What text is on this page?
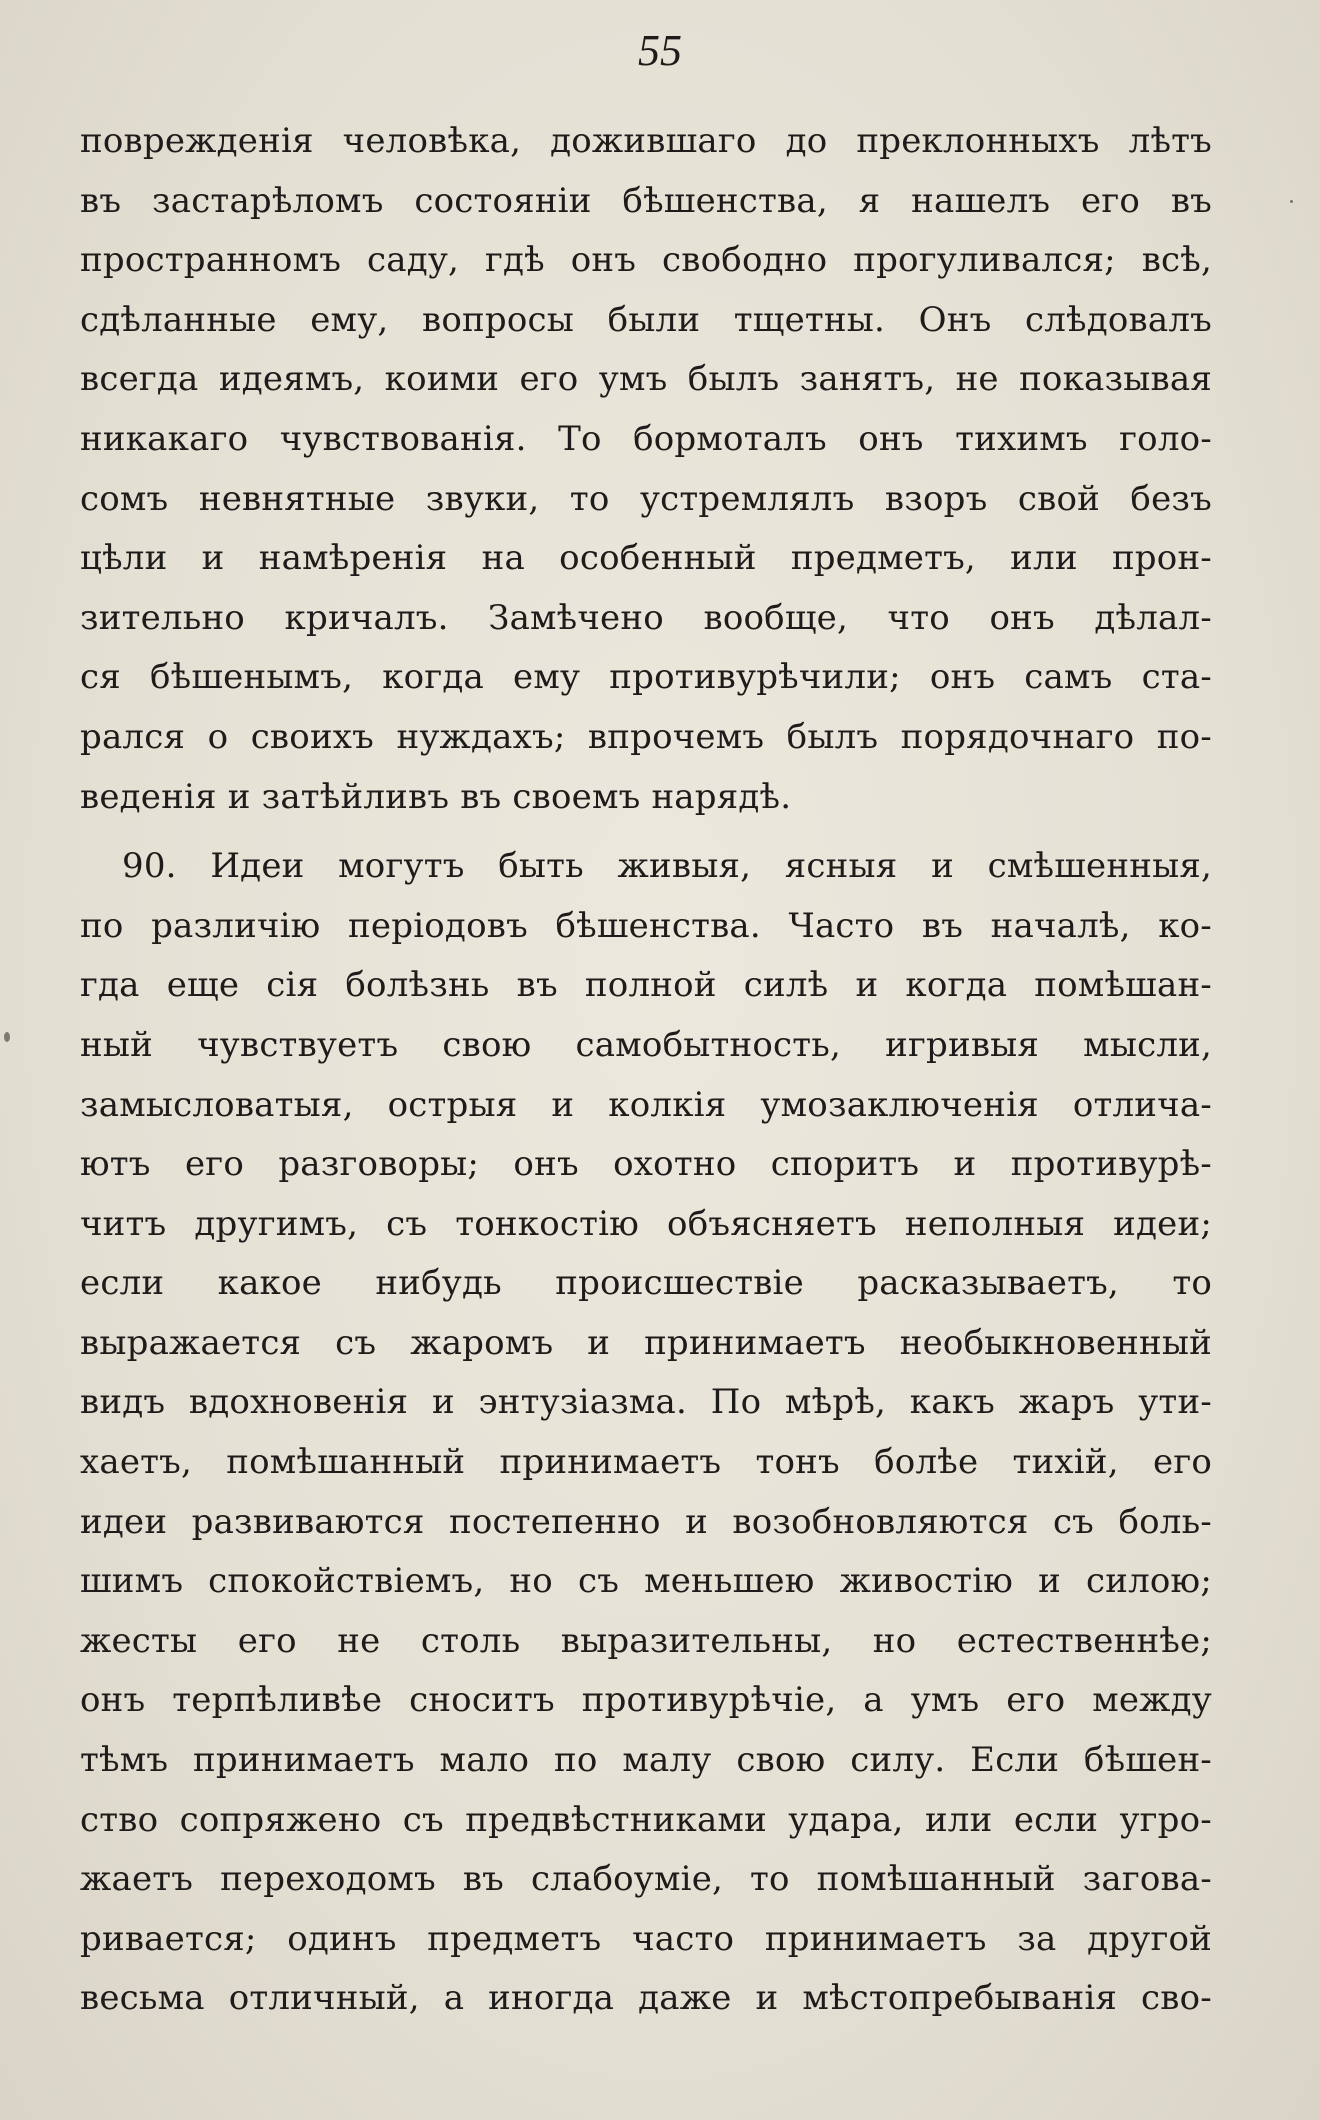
55
поврежденія человѣка, дожившаго до преклонныхъ лѣтъ
въ застарѣломъ состояніи бѣшенства, я нашелъ его въ
пространномъ саду, гдѣ онъ свободно прогуливался; всѣ,
сдѣланные ему, вопросы были тщетны. Онъ слѣдовалъ
всегда идеямъ, коими его умъ былъ занятъ, не показывая
никакаго чувствованія. То бормоталъ онъ тихимъ голо-
сомъ невнятные звуки, то устремлялъ взоръ свой безъ
цѣли и намѣренія на особенный предметъ, или прон-
зительно кричалъ. Замѣчено вообще, что онъ дѣлал-
ся бѣшенымъ, когда ему противурѣчили; онъ самъ ста-
рался о своихъ нуждахъ; впрочемъ былъ порядочнаго по-
веденія и затѣйливъ въ своемъ нарядѣ.
90. Идеи могутъ быть живыя, ясныя и смѣшенныя,
по различію періодовъ бѣшенства. Часто въ началѣ, ко-
гда еще сія болѣзнь въ полной силѣ и когда помѣшан-
ный чувствуетъ свою самобытность, игривыя мысли,
замысловатыя, острыя и колкія умозаключенія отлича-
ютъ его разговоры; онъ охотно споритъ и противурѣ-
читъ другимъ, съ тонкостію объясняетъ неполныя идеи;
если какое нибудь происшествіе расказываетъ, то
выражается съ жаромъ и принимаетъ необыкновенный
видъ вдохновенія и энтузіазма. По мѣрѣ, какъ жаръ ути-
хаетъ, помѣшанный принимаетъ тонъ болѣе тихій, его
идеи развиваются постепенно и возобновляются съ боль-
шимъ спокойствіемъ, но съ меньшею живостію и силою;
жесты его не столь выразительны, но естественнѣе;
онъ терпѣливѣе сноситъ противурѣчіе, а умъ его между
тѣмъ принимаетъ мало по малу свою силу. Если бѣшен-
ство сопряжено съ предвѣстниками удара, или если угро-
жаетъ переходомъ въ слабоуміе, то помѣшанный загова-
ривается; одинъ предметъ часто принимаетъ за другой
весьма отличный, а иногда даже и мѣстопребыванія сво-
